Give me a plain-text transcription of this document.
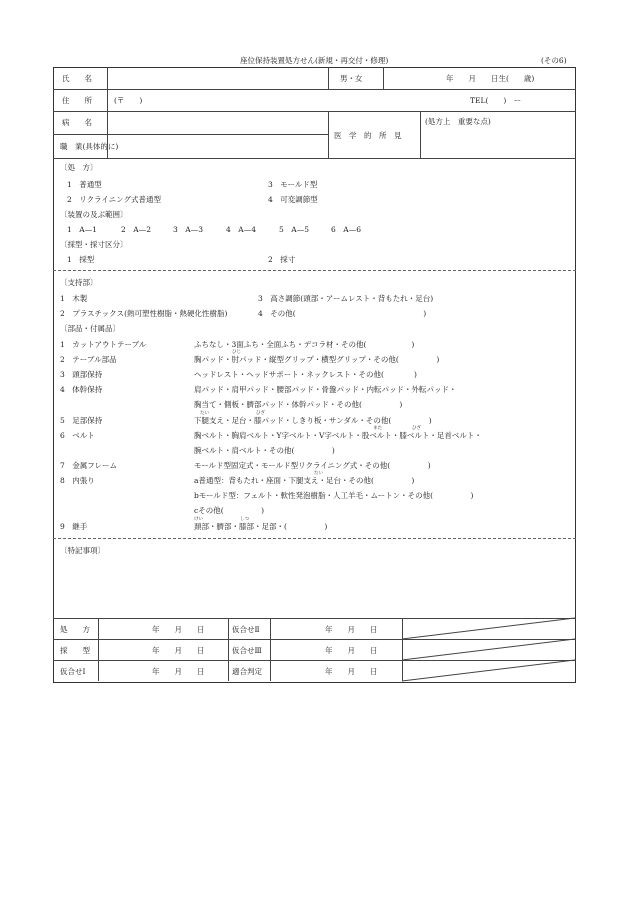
座位保持装置処方せん(新規・再交付・修理)	(その6)
氏　　名	男・女	年　　月　　日生(　　歳)
住　　所	(〒　　)	TEL(　　)　ー
病　　名
医　学　的　所　見
(処方上　重要な点)
職　業(具体的に)
〔処　方〕
1　普通型	3　モールド型
2　リクライニング式普通型	4　可変調節型
〔装置の及ぶ範囲〕
1　A—1	2　A—2	3　A—3	4　A—4	5　A—5	6　A—6
〔採型・採寸区分〕
1　採型	2　採寸
〔支持部〕
1　木製	3　高さ調節(頭部・アームレスト・背もたれ・足台)
2　プラスチックス(熱可塑性樹脂・熱硬化性樹脂)	4　その他(　　　　　　　　　　　　　　　　　)
〔部品・付属品〕
1　カットアウトテーブル	ふちなし・3面ふち・全面ふち・デコラ材・その他(　　　　　　)
2　テーブル部品	胸パッド・肘パッド・縦型グリップ・横型グリップ・その他(　　　　　)
3　頭部保持	ヘッドレスト・ヘッドサポート・ネックレスト・その他(　　　　)
4　体幹保持	肩パッド・肩甲パッド・腰部パッド・骨盤パッド・内転パッド・外転パッド・
胸当て・側板・臍部パッド・体幹パッド・その他(　　　　　)
5　足部保持	下腿支え・足台・膝パッド・しきり板・サンダル・その他(　　　　　)
6　ベルト	胸ベルト・胸肩ベルト・Y字ベルト・V字ベルト・股ベルト・膝ベルト・足首ベルト・
腕ベルト・肩ベルト・その他(　　　　　)
7　金属フレーム	モールド型固定式・モールド型リクライニング式・その他(　　　　　)
8　内張り	a普通型：背もたれ・座面・下腿支え・足台・その他(　　　　　)
bモールド型：フェルト・軟性発泡樹脂・人工羊毛・ムートン・その他(　　　　　)
cその他(　　　　　)
9　継手	頚部・臍部・膝部・足部・(　　　　　)
ひじ
たい	ひざ
また	ひざ
たい
けい	しつ
〔特記事項〕
処　　方	年　　月　　日	仮合せⅡ	年　　月　　日
採　　型	年　　月　　日	仮合せⅢ	年　　月　　日
仮合せⅠ	年　　月　　日	適合判定	年　　月　　日
